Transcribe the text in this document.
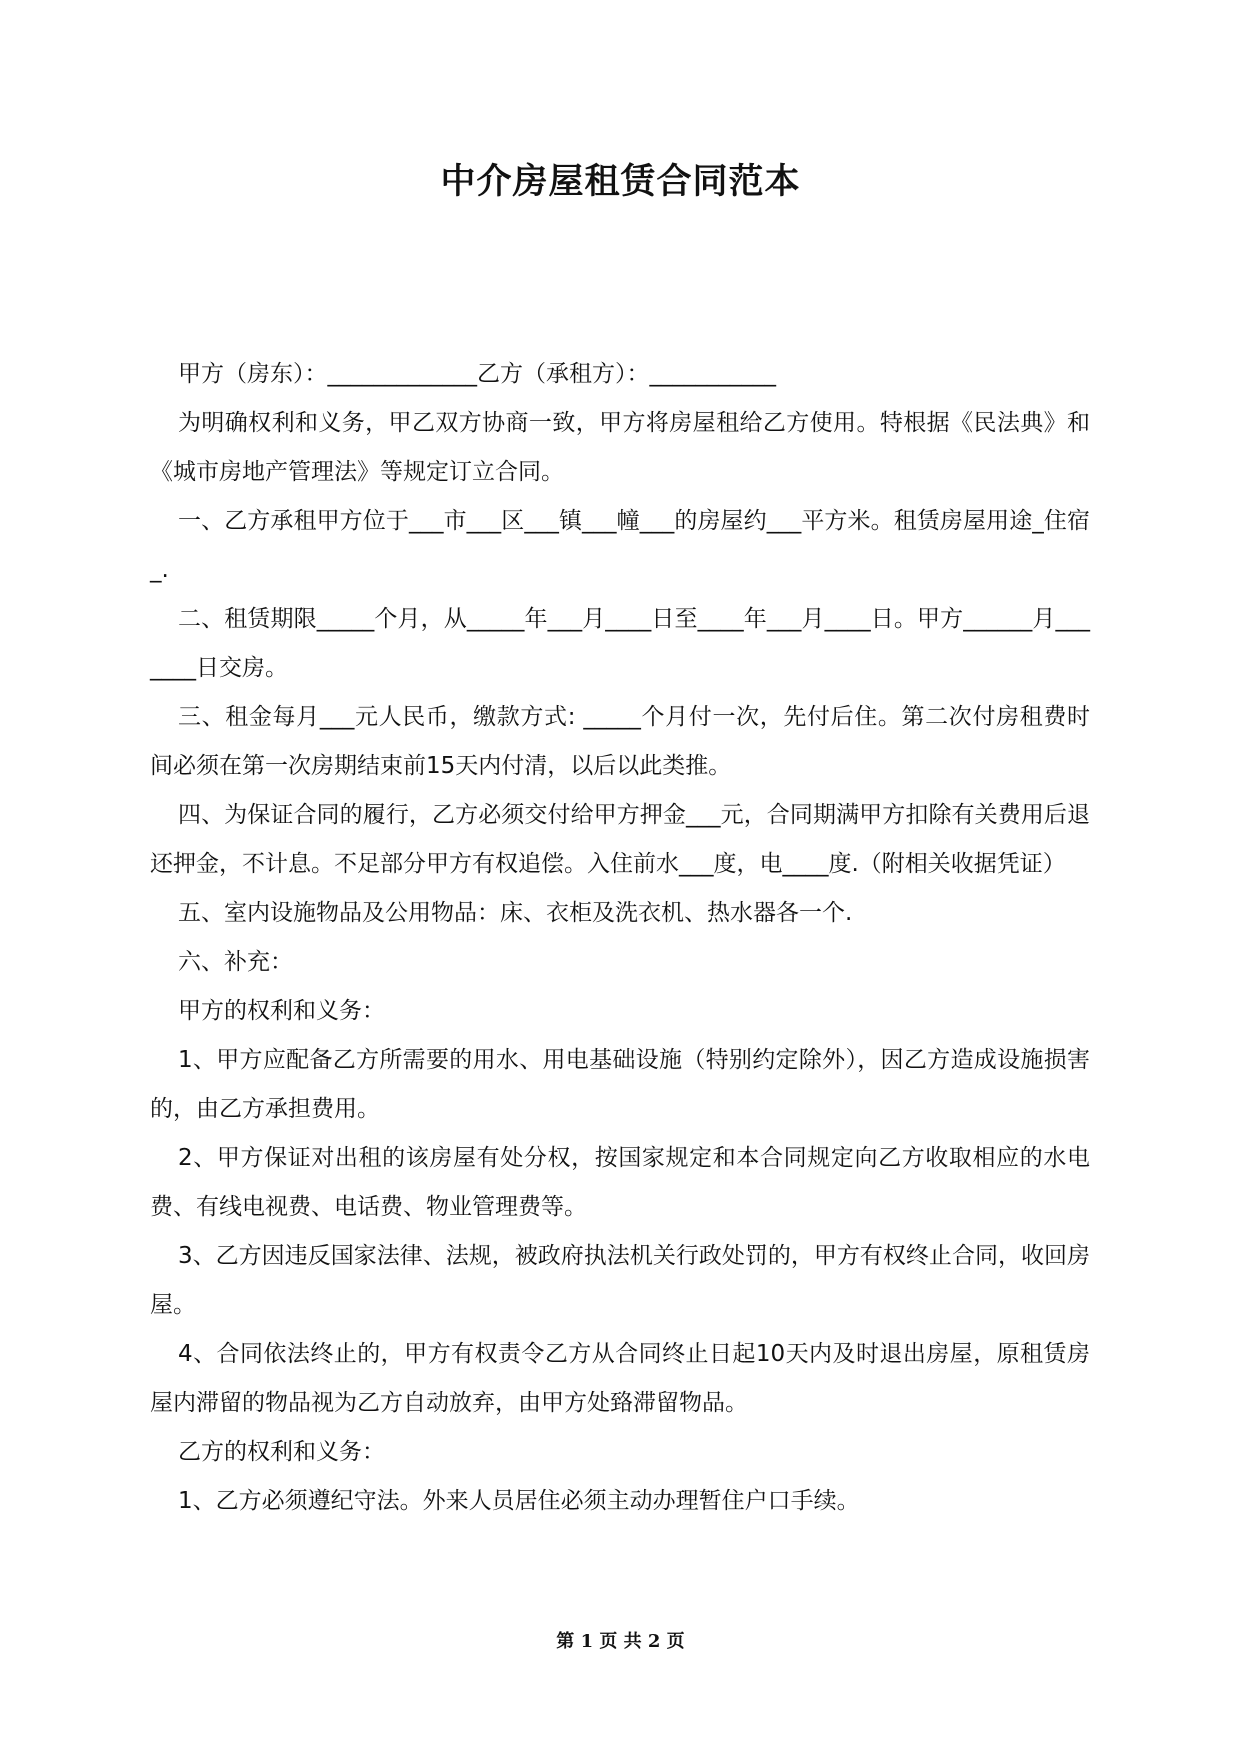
中介房屋租赁合同范本

甲方（房东）：_____________乙方（承租方）：___________

为明确权利和义务，甲乙双方协商一致，甲方将房屋租给乙方使用。特根据《民法典》和《城市房地产管理法》等规定订立合同。

一、乙方承租甲方位于___市___区___镇___幢___的房屋约___平方米。租赁房屋用途_住宿_.

二、租赁期限_____个月，从_____年___月____日至____年___月____日。甲方______月_______日交房。

三、租金每月___元人民币，缴款方式: _____个月付一次，先付后住。第二次付房租费时间必须在第一次房期结束前15天内付清，以后以此类推。

四、为保证合同的履行，乙方必须交付给甲方押金___元，合同期满甲方扣除有关费用后退还押金，不计息。不足部分甲方有权追偿。入住前水___度，电____度.（附相关收据凭证）

五、室内设施物品及公用物品：床、衣柜及洗衣机、热水器各一个.

六、补充：

甲方的权利和义务：

1、甲方应配备乙方所需要的用水、用电基础设施（特别约定除外），因乙方造成设施损害的，由乙方承担费用。

2、甲方保证对出租的该房屋有处分权，按国家规定和本合同规定向乙方收取相应的水电费、有线电视费、电话费、物业管理费等。

3、乙方因违反国家法律、法规，被政府执法机关行政处罚的，甲方有权终止合同，收回房屋。

4、合同依法终止的，甲方有权责令乙方从合同终止日起10天内及时退出房屋，原租赁房屋内滞留的物品视为乙方自动放弃，由甲方处臵滞留物品。

乙方的权利和义务：

1、乙方必须遵纪守法。外来人员居住必须主动办理暂住户口手续。

第 1 页 共 2 页
